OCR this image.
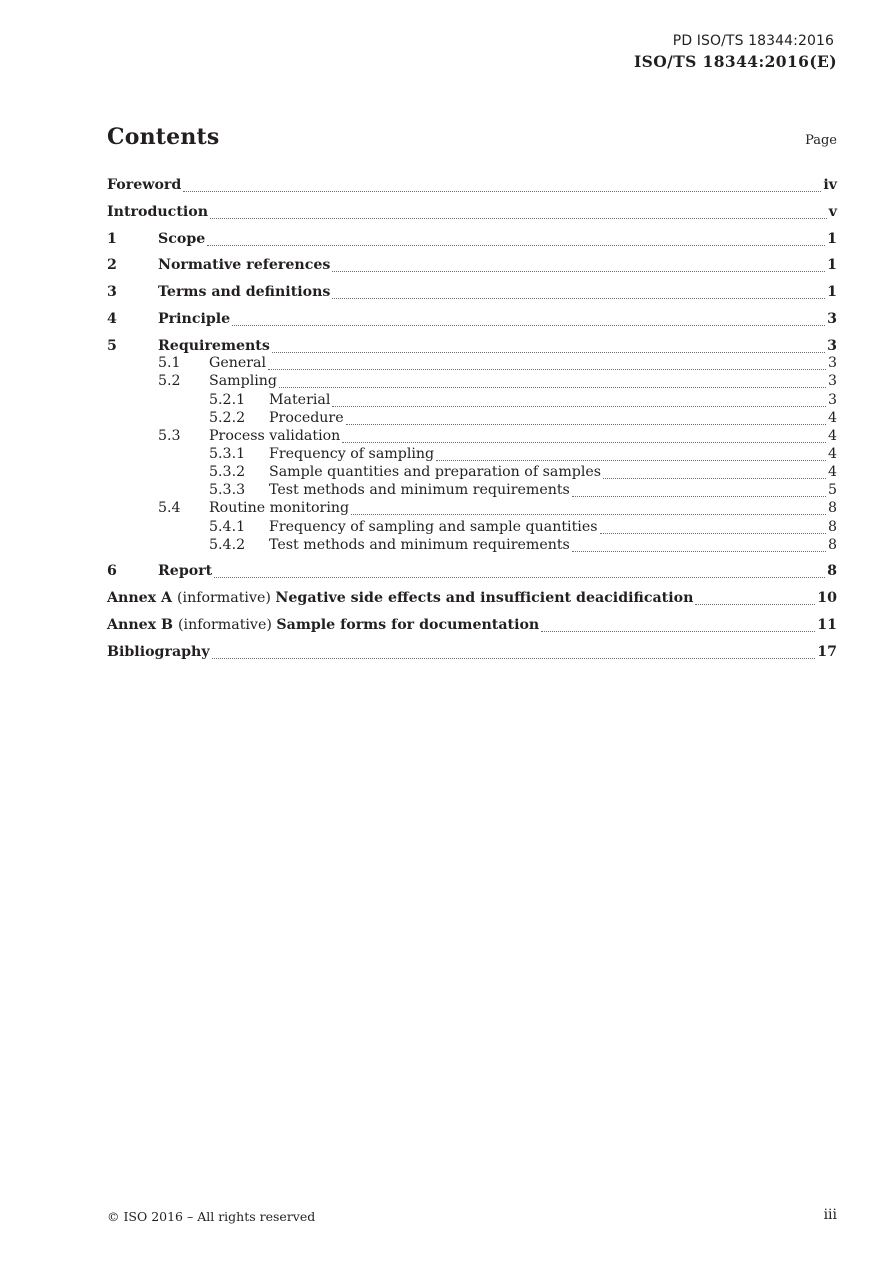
PD ISO/TS 18344:2016
ISO/TS 18344:2016(E)
Contents	Page
Foreword	iv
Introduction	v
1	Scope	1
2	Normative references	1
3	Terms and definitions	1
4	Principle	3
5	Requirements	3
5.1	General	3
5.2	Sampling	3
5.2.1	Material	3
5.2.2	Procedure	4
5.3	Process validation	4
5.3.1	Frequency of sampling	4
5.3.2	Sample quantities and preparation of samples	4
5.3.3	Test methods and minimum requirements	5
5.4	Routine monitoring	8
5.4.1	Frequency of sampling and sample quantities	8
5.4.2	Test methods and minimum requirements	8
6	Report	8
Annex A (informative) Negative side effects and insufficient deacidification	10
Annex B (informative) Sample forms for documentation	11
Bibliography	17
© ISO 2016 – All rights reserved	iii
